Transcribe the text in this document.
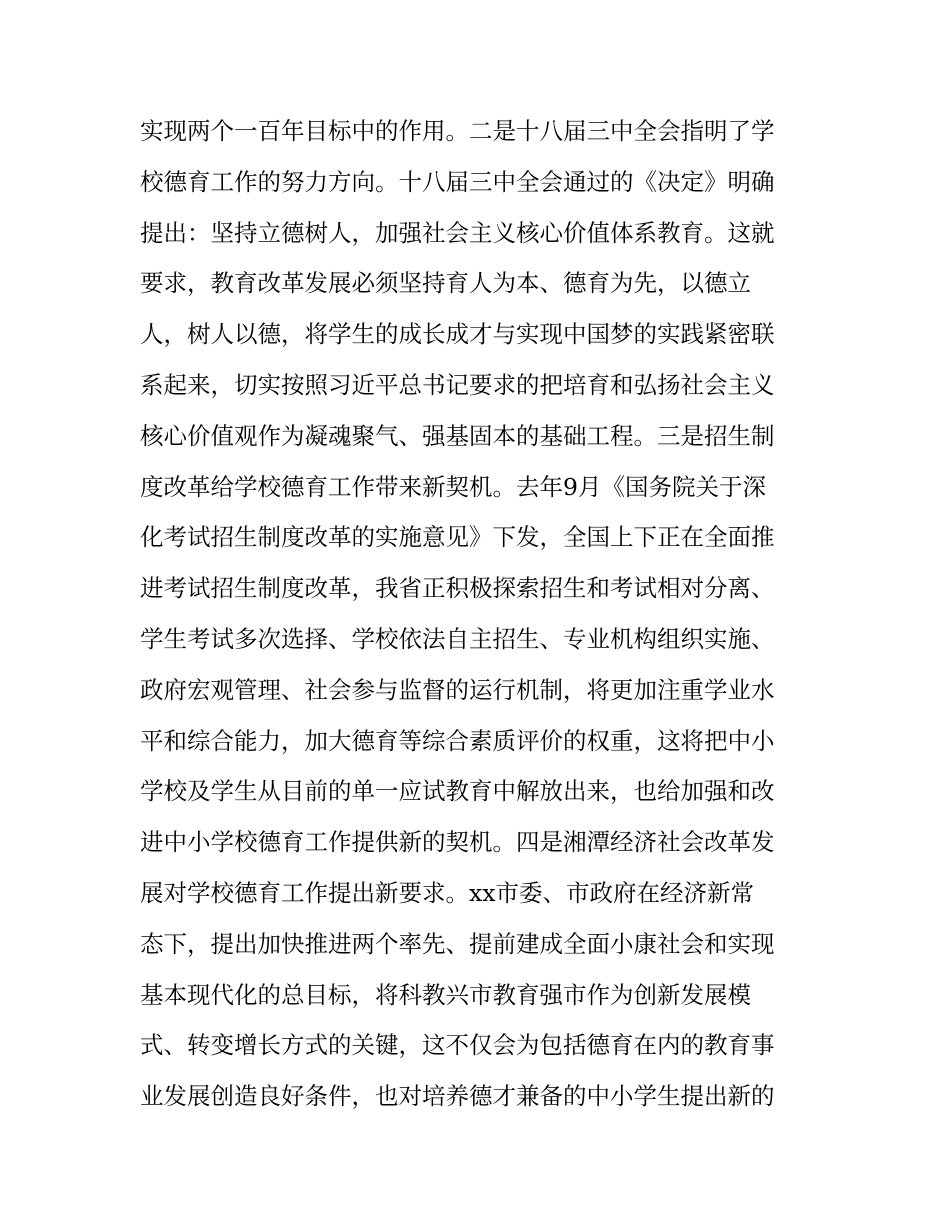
实现两个一百年目标中的作用。二是十八届三中全会指明了学

校德育工作的努力方向。十八届三中全会通过的《决定》明确

提出：坚持立德树人，加强社会主义核心价值体系教育。这就

要求，教育改革发展必须坚持育人为本、德育为先，以德立

人，树人以德，将学生的成长成才与实现中国梦的实践紧密联

系起来，切实按照习近平总书记要求的把培育和弘扬社会主义

核心价值观作为凝魂聚气、强基固本的基础工程。三是招生制

度改革给学校德育工作带来新契机。去年9月《国务院关于深

化考试招生制度改革的实施意见》下发，全国上下正在全面推

进考试招生制度改革，我省正积极探索招生和考试相对分离、

学生考试多次选择、学校依法自主招生、专业机构组织实施、

政府宏观管理、社会参与监督的运行机制，将更加注重学业水

平和综合能力，加大德育等综合素质评价的权重，这将把中小

学校及学生从目前的单一应试教育中解放出来，也给加强和改

进中小学校德育工作提供新的契机。四是湘潭经济社会改革发

展对学校德育工作提出新要求。xx市委、市政府在经济新常

态下，提出加快推进两个率先、提前建成全面小康社会和实现

基本现代化的总目标，将科教兴市教育强市作为创新发展模

式、转变增长方式的关键，这不仅会为包括德育在内的教育事

业发展创造良好条件，也对培养德才兼备的中小学生提出新的
